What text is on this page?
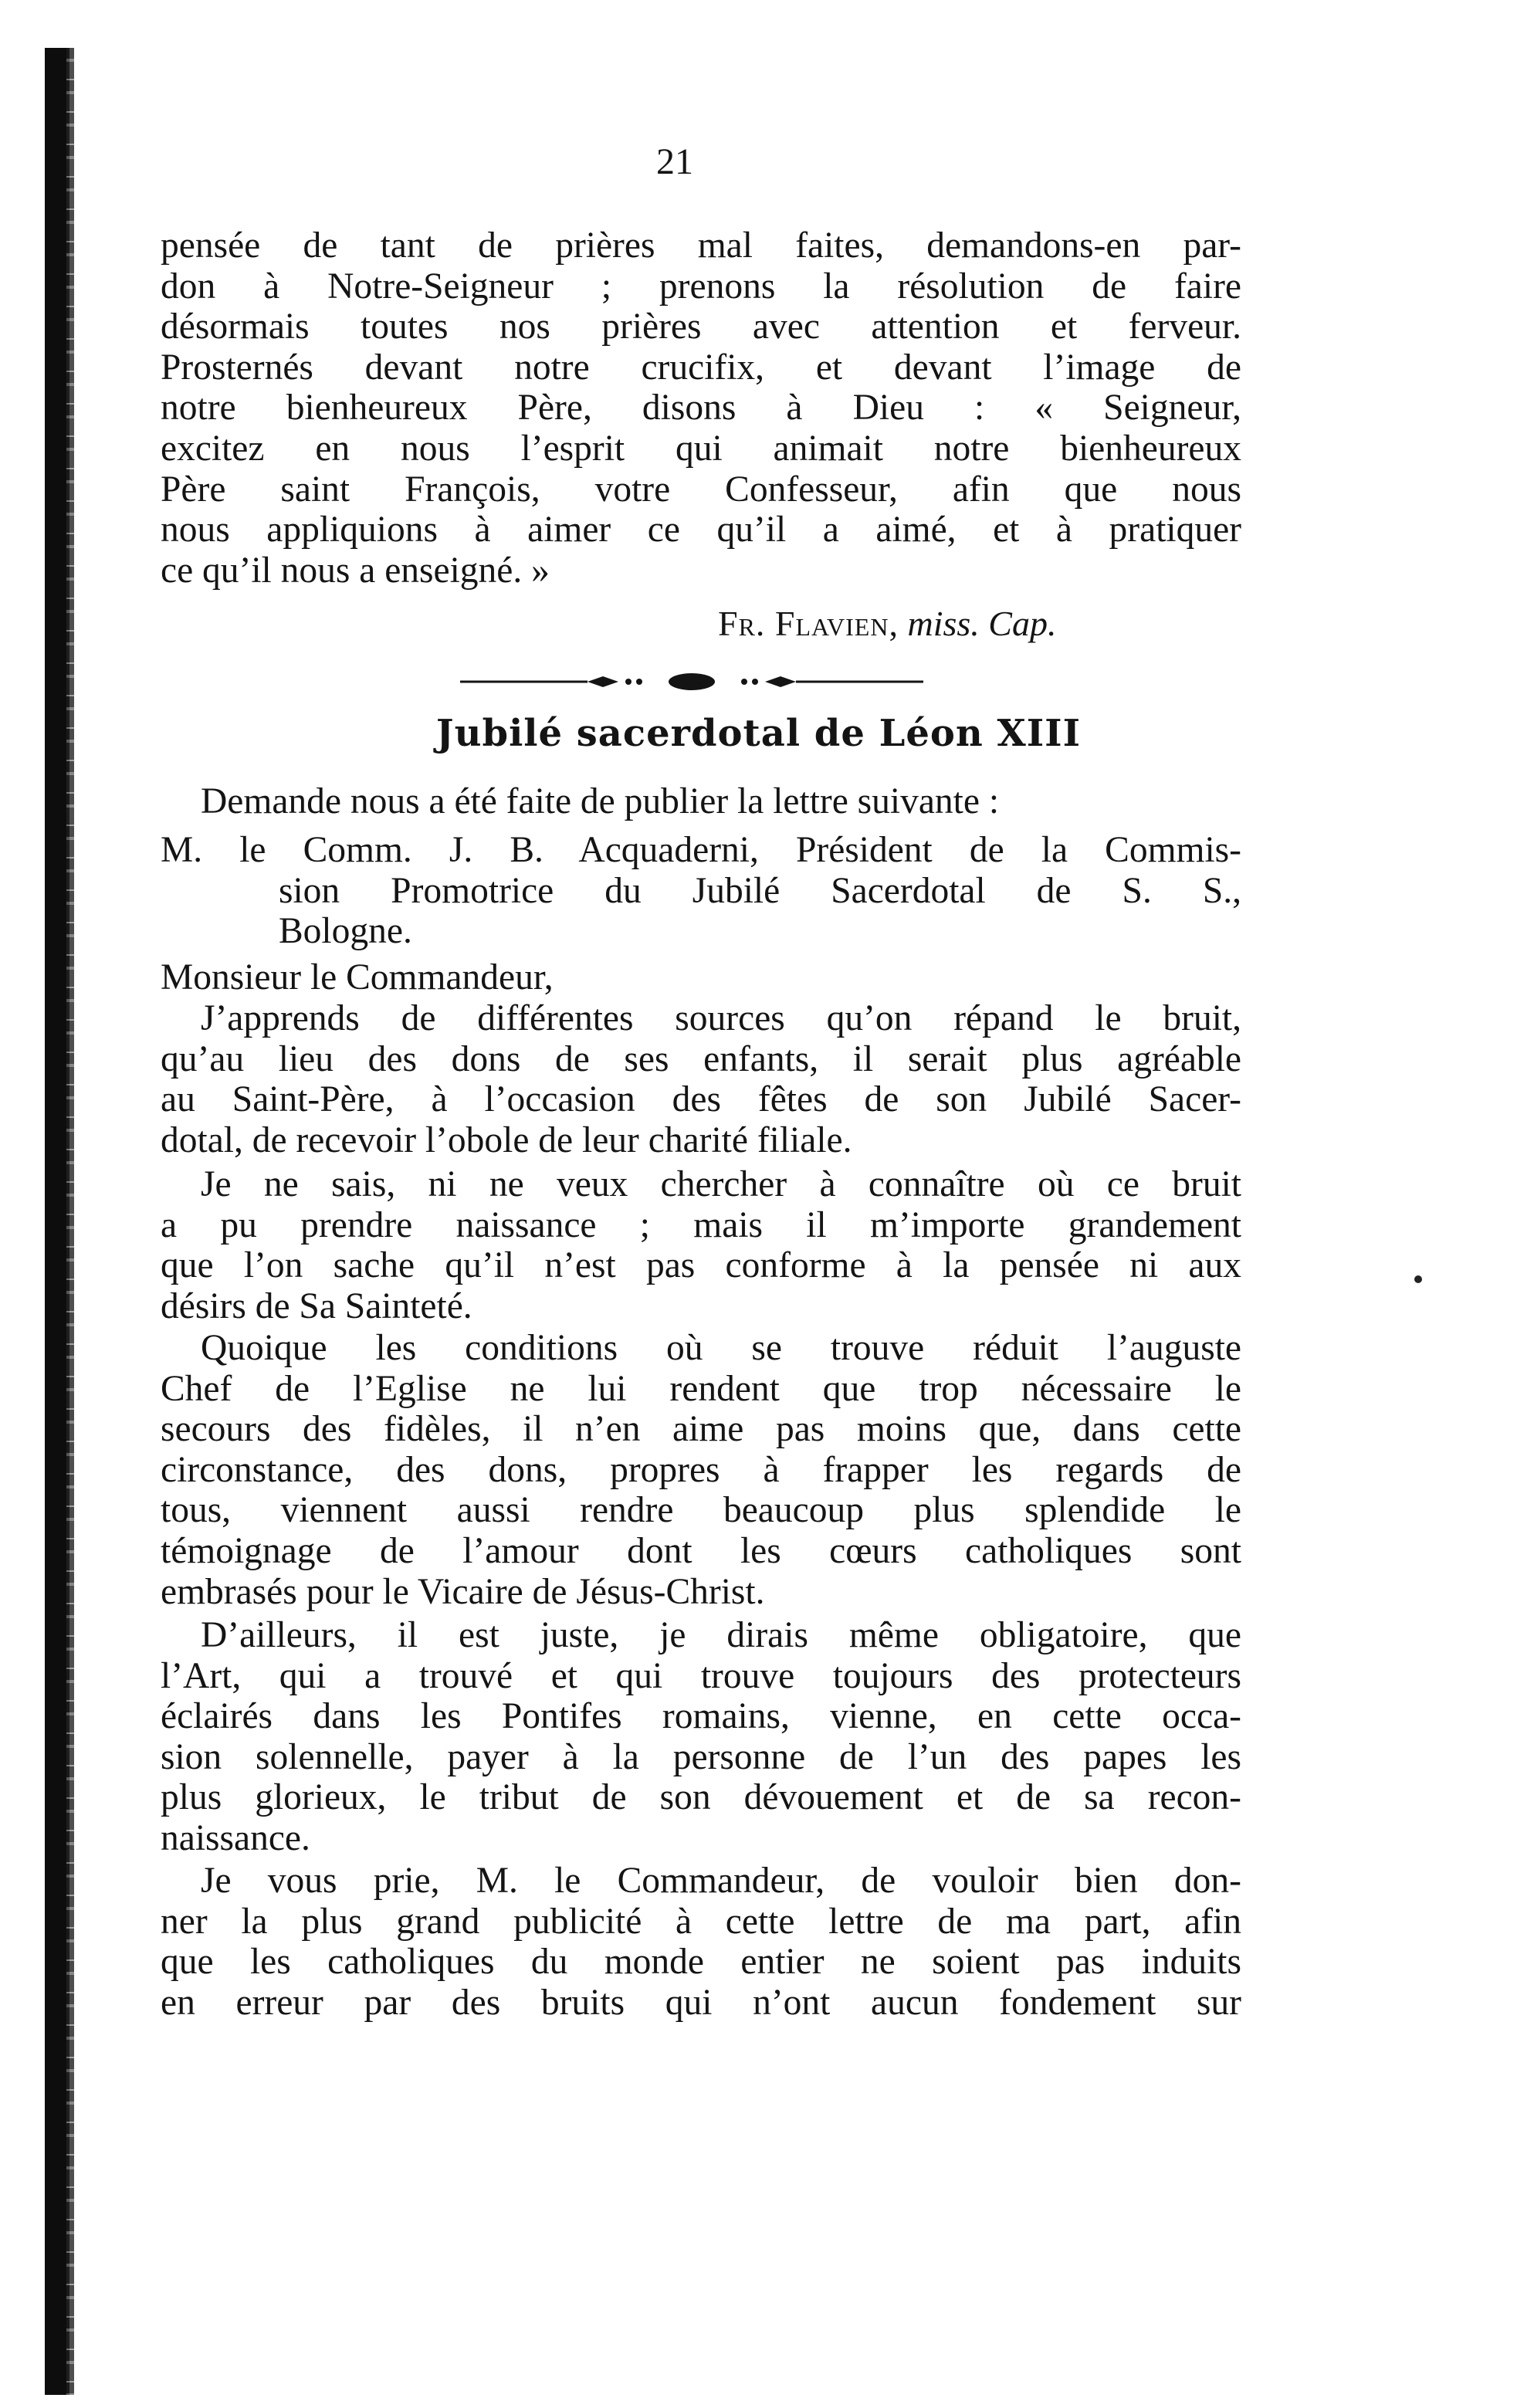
21
pensée de tant de prières mal faites, demandons-en par-
don à Notre-Seigneur ; prenons la résolution de faire
désormais toutes nos prières avec attention et ferveur.
Prosternés devant notre crucifix, et devant l’image de
notre bienheureux Père, disons à Dieu : « Seigneur,
excitez en nous l’esprit qui animait notre bienheureux
Père saint François, votre Confesseur, afin que nous
nous appliquions à aimer ce qu’il a aimé, et à pratiquer
ce qu’il nous a enseigné. »
Fr. Flavien, miss. Cap.
Jubilé sacerdotal de Léon XIII
Demande nous a été faite de publier la lettre suivante :
M. le Comm. J. B. Acquaderni, Président de la Commis-
sion Promotrice du Jubilé Sacerdotal de S. S.,
Bologne.
Monsieur le Commandeur,
J’apprends de différentes sources qu’on répand le bruit,
qu’au lieu des dons de ses enfants, il serait plus agréable
au Saint-Père, à l’occasion des fêtes de son Jubilé Sacer-
dotal, de recevoir l’obole de leur charité filiale.
Je ne sais, ni ne veux chercher à connaître où ce bruit
a pu prendre naissance ; mais il m’importe grandement
que l’on sache qu’il n’est pas conforme à la pensée ni aux
désirs de Sa Sainteté.
Quoique les conditions où se trouve réduit l’auguste
Chef de l’Eglise ne lui rendent que trop nécessaire le
secours des fidèles, il n’en aime pas moins que, dans cette
circonstance, des dons, propres à frapper les regards de
tous, viennent aussi rendre beaucoup plus splendide le
témoignage de l’amour dont les cœurs catholiques sont
embrasés pour le Vicaire de Jésus-Christ.
D’ailleurs, il est juste, je dirais même obligatoire, que
l’Art, qui a trouvé et qui trouve toujours des protecteurs
éclairés dans les Pontifes romains, vienne, en cette occa-
sion solennelle, payer à la personne de l’un des papes les
plus glorieux, le tribut de son dévouement et de sa recon-
naissance.
Je vous prie, M. le Commandeur, de vouloir bien don-
ner la plus grand publicité à cette lettre de ma part, afin
que les catholiques du monde entier ne soient pas induits
en erreur par des bruits qui n’ont aucun fondement sur
